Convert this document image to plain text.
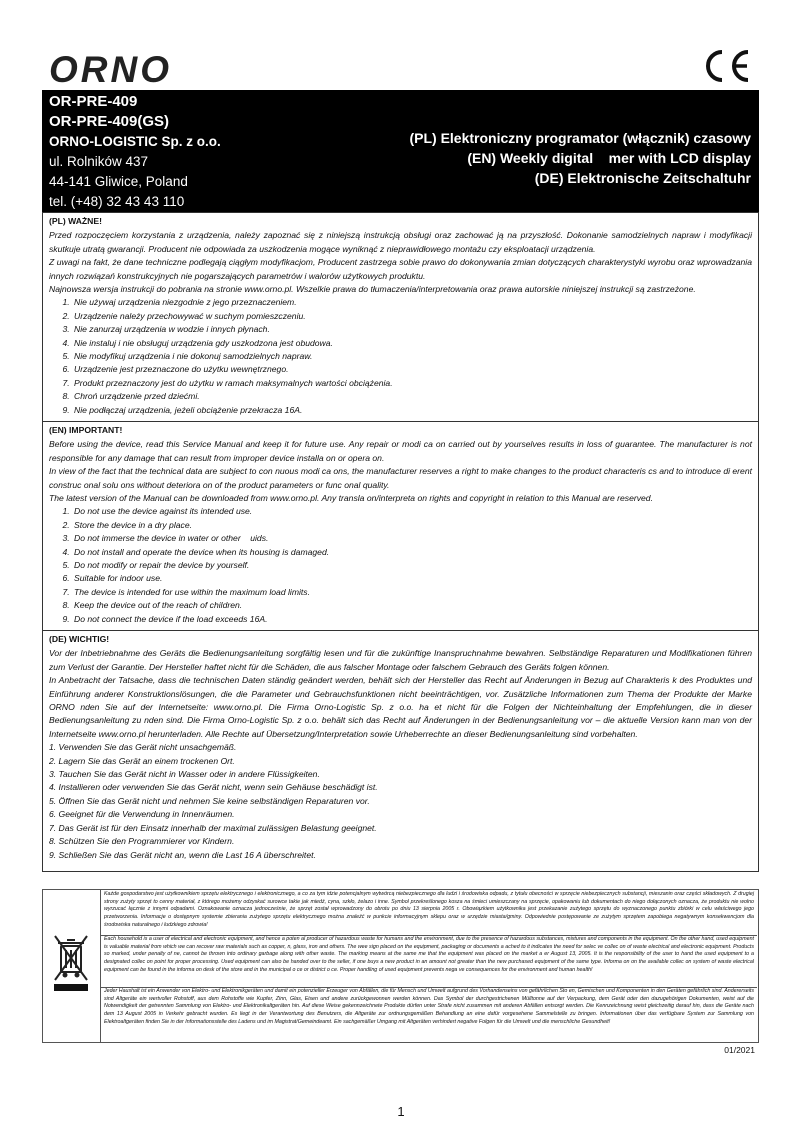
ORNO
OR-PRE-409
OR-PRE-409(GS)
ORNO-LOGISTIC Sp. z o.o.
ul. Rolników 437
44-141 Gliwice, Poland
tel. (+48) 32 43 43 110
(PL) Elektroniczny programator (włącznik) czasowy
(EN) Weekly digital    mer with LCD display
(DE) Elektronische Zeitschaltuhr
(PL) WAŻNE!

Przed rozpoczęciem korzystania z urządzenia, należy zapoznać się z niniejszą instrukcją obsługi oraz zachować ją na przyszłość. Dokonanie samodzielnych napraw i modyfikacji skutkuje utratą gwarancji. Producent nie odpowiada za uszkodzenia mogące wyniknąć z nieprawidłowego montażu czy eksploatacji urządzenia.

Z uwagi na fakt, że dane techniczne podlegają ciągłym modyfikacjom, Producent zastrzega sobie prawo do dokonywania zmian dotyczących charakterystyki wyrobu oraz wprowadzania innych rozwiązań konstrukcyjnych nie pogarszających parametrów i walorów użytkowych produktu.

Najnowsza wersja instrukcji do pobrania na stronie www.orno.pl. Wszelkie prawa do tłumaczenia/interpretowania oraz prawa autorskie niniejszej instrukcji są zastrzeżone.

1. Nie używaj urządzenia niezgodnie z jego przeznaczeniem.
2. Urządzenie należy przechowywać w suchym pomieszczeniu.
3. Nie zanurzaj urządzenia w wodzie i innych płynach.
4. Nie instaluj i nie obsługuj urządzenia gdy uszkodzona jest obudowa.
5. Nie modyfikuj urządzenia i nie dokonuj samodzielnych napraw.
6. Urządzenie jest przeznaczone do użytku wewnętrznego.
7. Produkt przeznaczony jest do użytku w ramach maksymalnych wartości obciążenia.
8. Chroń urządzenie przed dziećmi.
9. Nie podłączaj urządzenia, jeżeli obciążenie przekracza 16A.
(EN) IMPORTANT!

Before using the device, read this Service Manual and keep it for future use. Any repair or modi ca on carried out by yourselves results in loss of guarantee. The manufacturer is not responsible for any damage that can result from improper device installa on or opera on.

In view of the fact that the technical data are subject to con nuous modi ca ons, the manufacturer reserves a right to make changes to the product characteris cs and to introduce di erent construc onal solu ons without deteriora on of the product parameters or func onal quality.

The latest version of the Manual can be downloaded from www.orno.pl. Any transla on/interpreta on rights and copyright in relation to this Manual are reserved.

1. Do not use the device against its intended use.
2. Store the device in a dry place.
3. Do not immerse the device in water or other    uids.
4. Do not install and operate the device when its housing is damaged.
5. Do not modify or repair the device by yourself.
6. Suitable for indoor use.
7. The device is intended for use within the maximum load limits.
8. Keep the device out of the reach of children.
9. Do not connect the device if the load exceeds 16A.
(DE) WICHTIG!

Vor der Inbetriebnahme des Geräts die Bedienungsanleitung sorgfältig lesen und für die zukünftige Inanspruchnahme bewahren. Selbständige Reparaturen und Modifikationen führen zum Verlust der Garantie. Der Hersteller haftet nicht für die Schäden, die aus falscher Montage oder falschem Gebrauch des Geräts folgen können.

In Anbetracht der Tatsache, dass die technischen Daten ständig geändert werden, behält sich der Hersteller das Recht auf Änderungen in Bezug auf Charakteris k des Produktes und Einführung anderer Konstruktionslösungen, die die Parameter und Gebrauchsfunktionen nicht beeinträchtigen, vor. Zusätzliche Informationen zum Thema der Produkte der Marke ORNO nden Sie auf der Internetseite: www.orno.pl. Die Firma Orno-Logistic Sp. z o.o. ha et nicht für die Folgen der Nichteinhaltung der Empfehlungen, die in dieser Bedienungsanleitung zu nden sind. Die Firma Orno-Logistic Sp. z o.o. behält sich das Recht auf Änderungen in der Bedienungsanleitung vor – die aktuelle Version kann man von der Internetseite www.orno.pl herunterladen. Alle Rechte auf Übersetzung/Interpretation sowie Urheberrechte an dieser Bedienungsanleitung sind vorbehalten.

1. Verwenden Sie das Gerät nicht unsachgemäß.
2. Lagern Sie das Gerät an einem trockenen Ort.
3. Tauchen Sie das Gerät nicht in Wasser oder in andere Flüssigkeiten.
4. Installieren oder verwenden Sie das Gerät nicht, wenn sein Gehäuse beschädigt ist.
5. Öffnen Sie das Gerät nicht und nehmen Sie keine selbständigen Reparaturen vor.
6. Geeignet für die Verwendung in Innenräumen.
7. Das Gerät ist für den Einsatz innerhalb der maximal zulässigen Belastung geeignet.
8. Schützen Sie den Programmierer vor Kindern.
9. Schließen Sie das Gerät nicht an, wenn die Last 16 A überschreitet.
Każde gospodarstwo jest użytkownikiem sprzętu elektrycznego i elektronicznego, a co za tym idzie potencjalnym wytwórcą niebezpiecznego dla ludzi i środowiska odpadu, z tytułu obecności w sprzęcie niebezpiecznych substancji, mieszanin oraz części składowych. Z drugiej strony zużyty sprzęt to cenny materiał, z którego możemy odzyskać surowce takie jak miedź, cyna, szkło, żelazo i inne. Symbol przekreślonego kosza na śmieci umieszczany na sprzęcie, opakowaniu lub dokumentach do niego dołączonych oznacza, że produktu nie wolno wyrzucać łącznie z innymi odpadami. Oznakowanie oznacza jednocześnie, że sprzęt został wprowadzony do obrotu po dniu 13 sierpnia 2005 r. Obowiązkiem użytkownika jest przekazanie zużytego sprzętu do wyznaczonego punktu zbiórki w celu właściwego jego przetworzenia. Informacje o dostępnym systemie zbierania zużytego sprzętu elektrycznego można znaleźć w punkcie informacyjnym sklepu oraz w urzędzie miasta/gminy. Odpowiednie postępowanie ze zużytym sprzętem zapobiega negatywnym konsekwencjom dla środowiska naturalnego i ludzkiego zdrowia!
Each household is a user of electrical and electronic equipment, and hence a poten al producer of hazardous waste for humans and the environment, due to the presence of hazardous substances, mixtures and components in the equipment. On the other hand, used equipment is valuable material from which we can recover raw materials such as copper, n, glass, iron and others. The wee sign placed on the equipment, packaging or documents a ached to it indicates the need for selec ve collec on of waste electrical and electronic equipment. Products so marked, under penalty of ne, cannot be thrown into ordinary garbage along with other waste. The marking means at the same me that the equipment was placed on the market a er August 13, 2005. It is the responsibility of the user to hand the used equipment to a designated collec on point for proper processing. Used equipment can also be handed over to the seller, if one buys a new product in an amount not greater than the new purchased equipment of the same type. Informa on on the available collec on system of waste electrical equipment can be found in the informa on desk of the store and in the municipal o ce or district o ce. Proper handling of used equipment prevents nega ve consequences for the environment and human health!
Jeder Haushalt ist ein Anwender von Elektro- und Elektronikgeräten und damit ein potenzieller Erzeuger von Abfällen, die für Mensch und Umwelt aufgrund des Vorhandenseins von gefährlichen Sto en, Gemischen und Komponenten in den Geräten gefährlich sind. Andererseits sind Altgeräte ein wertvoller Rohstoff, aus dem Rohstoffe wie Kupfer, Zinn, Glas, Eisen und andere zurückgewonnen werden können. Das Symbol der durchgestrichenen Mülltonne auf der Verpackung, dem Gerät oder den dazugehörigen Dokumenten, weist auf die Notwendigkeit der getrennten Sammlung von Elektro- und Elektronikaltgeräten hin. Auf diese Weise gekennzeichnete Produkte dürfen unter Strafe nicht zusammen mit anderen Abfällen entsorgt werden. Die Kennzeichnung weist gleichzeitig darauf hin, dass die Geräte nach dem 13 August 2005 in Verkehr gebracht wurden. Es liegt in der Verantwortung des Benutzers, die Altgeräte zur ordnungsgemäßen Behandlung an eine dafür vorgesehene Sammelstelle zu bringen. Informationen über das verfügbare System zur Sammlung von Elektroaltgeräten finden Sie in der Informationsstelle des Ladens und im Magistrat/Gemeindeamt. Ein sachgemäßer Umgang mit Altgeräten verhindert negative Folgen für die Umwelt und die menschliche Gesundheit!
01/2021
1
